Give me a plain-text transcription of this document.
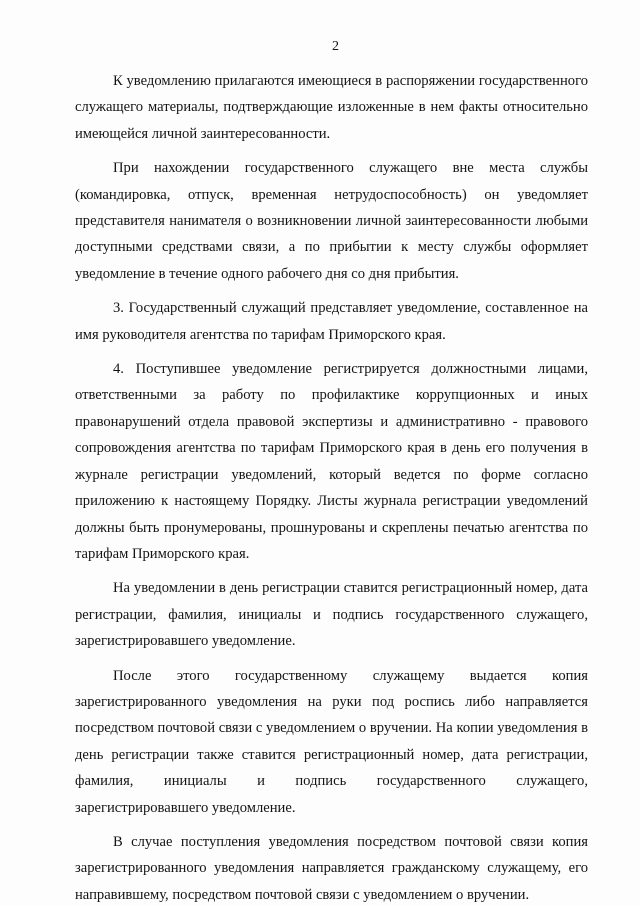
2

К уведомлению прилагаются имеющиеся в распоряжении государственного служащего материалы, подтверждающие изложенные в нем факты относительно имеющейся личной заинтересованности.

При нахождении государственного служащего вне места службы (командировка, отпуск, временная нетрудоспособность) он уведомляет представителя нанимателя о возникновении личной заинтересованности любыми доступными средствами связи, а по прибытии к месту службы оформляет уведомление в течение одного рабочего дня со дня прибытия.

3. Государственный служащий представляет уведомление, составленное на имя руководителя агентства по тарифам Приморского края.

4. Поступившее уведомление регистрируется должностными лицами, ответственными за работу по профилактике коррупционных и иных правонарушений отдела правовой экспертизы и административно - правового сопровождения агентства по тарифам Приморского края в день его получения в журнале регистрации уведомлений, который ведется по форме согласно приложению к настоящему Порядку. Листы журнала регистрации уведомлений должны быть пронумерованы, прошнурованы и скреплены печатью агентства по тарифам Приморского края.

На уведомлении в день регистрации ставится регистрационный номер, дата регистрации, фамилия, инициалы и подпись государственного служащего, зарегистрировавшего уведомление.

После этого государственному служащему выдается копия зарегистрированного уведомления на руки под роспись либо направляется посредством почтовой связи с уведомлением о вручении. На копии уведомления в день регистрации также ставится регистрационный номер, дата регистрации, фамилия, инициалы и подпись государственного служащего, зарегистрировавшего уведомление.

В случае поступления уведомления посредством почтовой связи копия зарегистрированного уведомления направляется гражданскому служащему, его направившему, посредством почтовой связи с уведомлением о вручении.
